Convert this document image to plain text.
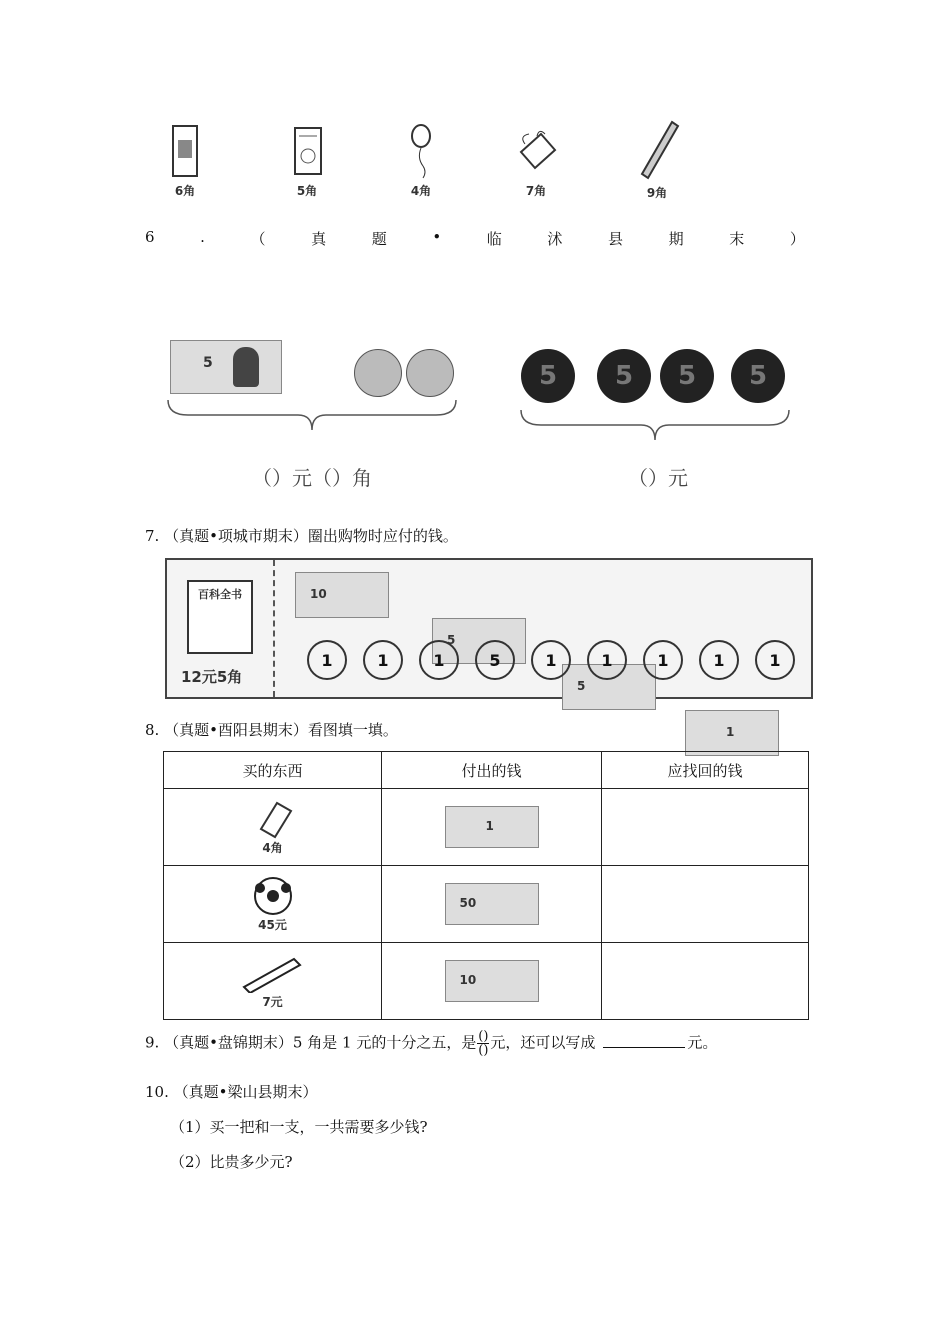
6角	5角	4角	7角	9角
6	.	（	真	题	•	临	沭	县	期	末	）
5
（）元（）角
5	5	5	5
（）元
7. （真题•项城市期末）圈出购物时应付的钱。
百科全书
12元5角
10
5
5
1
1	1	1	5	1	1	1	1	1
8. （真题•酉阳县期末）看图填一填。
买的东西	付出的钱	应找回的钱

4角	1	

45元	50	

7元	10	

9. （真题•盘锦期末）5 角是 1 元的十分之五，是 $\frac{()}{()}$ 元，还可以写成	元。
10. （真题•梁山县期末）
（1）买一把和一支，一共需要多少钱?
（2）比贵多少元?
